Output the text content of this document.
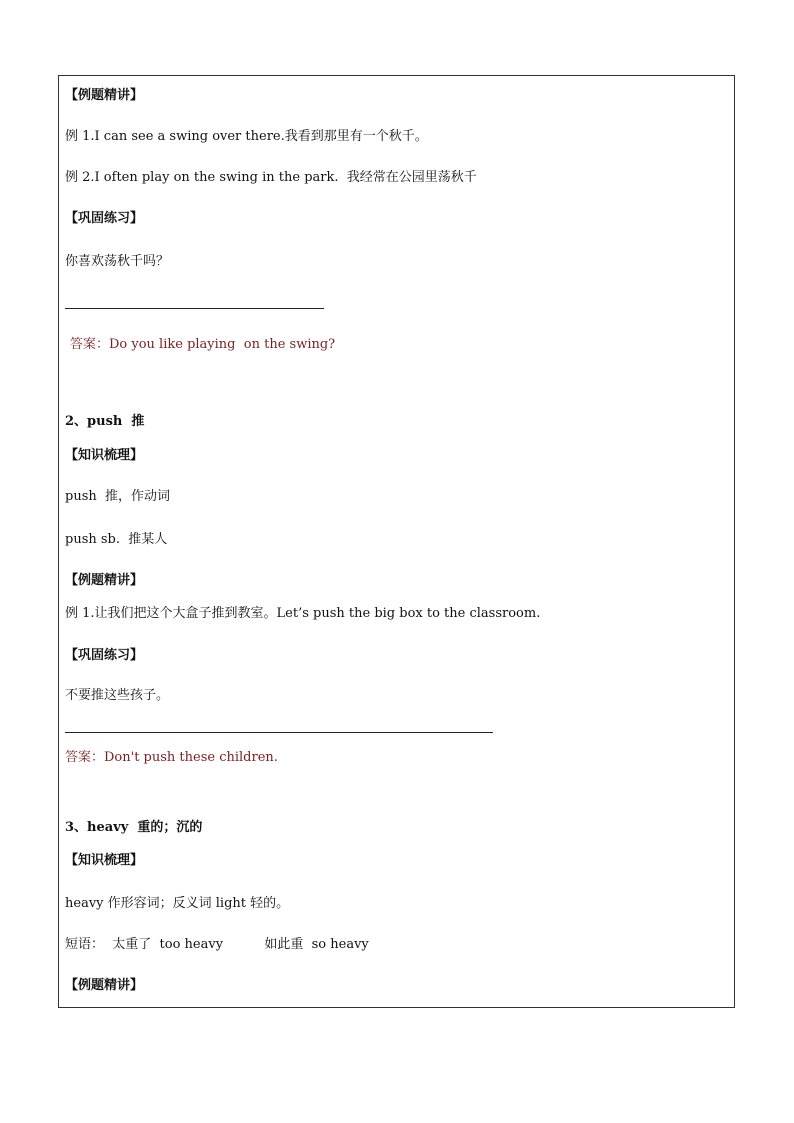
【例题精讲】
例 1.I can see a swing over there.我看到那里有一个秋千。
例 2.I often play on the swing in the park.  我经常在公园里荡秋千
【巩固练习】
你喜欢荡秋千吗？
答案：Do you like playing  on the swing?
2、push  推
【知识梳理】
push  推，作动词
push sb.  推某人
【例题精讲】
例 1.让我们把这个大盒子推到教室。Let’s push the big box to the classroom.
【巩固练习】
不要推这些孩子。
答案：Don't push these children.
3、heavy  重的；沉的
【知识梳理】
heavy 作形容词；反义词 light 轻的。
短语：  太重了  too heavy          如此重  so heavy
【例题精讲】
